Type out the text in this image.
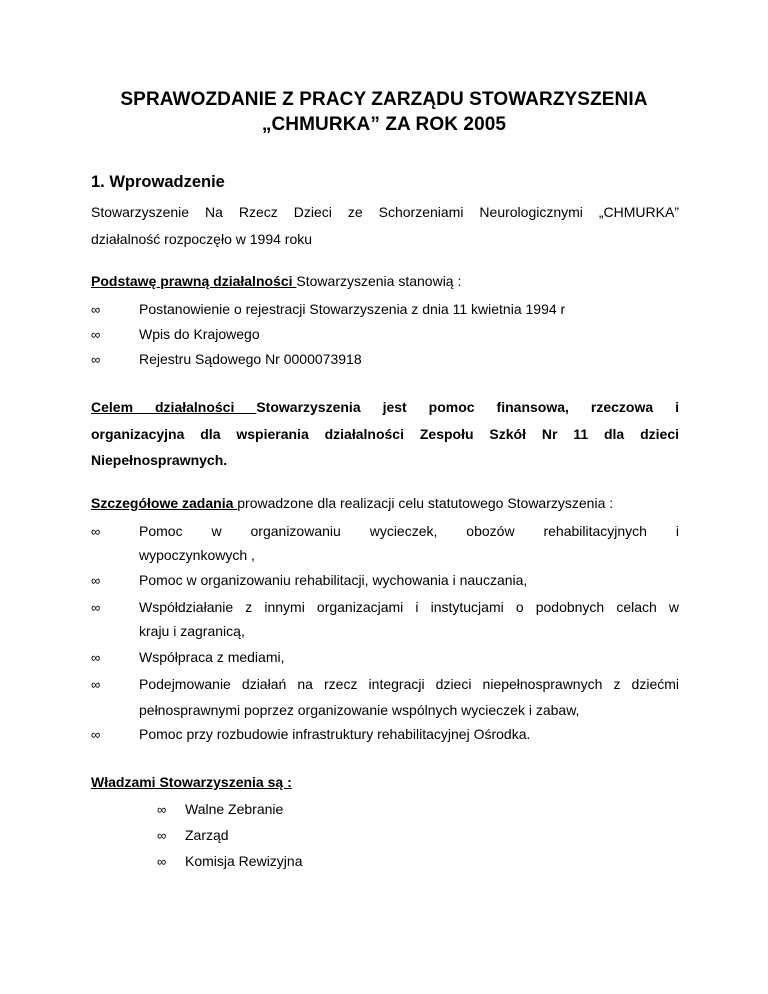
SPRAWOZDANIE Z PRACY ZARZĄDU STOWARZYSZENIA
„CHMURKA” ZA ROK 2005
1. Wprowadzenie
Stowarzyszenie Na Rzecz Dzieci ze Schorzeniami Neurologicznymi „CHMURKA”
działalność rozpoczęło w 1994 roku
Podstawę prawną działalności Stowarzyszenia stanowią :
∞	Postanowienie o rejestracji Stowarzyszenia z dnia 11 kwietnia 1994 r
∞	Wpis do Krajowego
∞	Rejestru Sądowego Nr 0000073918
Celem działalności Stowarzyszenia jest pomoc finansowa, rzeczowa i
organizacyjna dla wspierania działalności Zespołu Szkół Nr 11 dla dzieci
Niepełnosprawnych.
Szczegółowe zadania prowadzone dla realizacji celu statutowego Stowarzyszenia :
∞	Pomoc w organizowaniu wycieczek, obozów rehabilitacyjnych i
wypoczynkowych ,
∞	Pomoc w organizowaniu rehabilitacji, wychowania i nauczania,
∞	Współdziałanie z innymi organizacjami i instytucjami o podobnych celach w
kraju i zagranicą,
∞	Współpraca z mediami,
∞	Podejmowanie działań na rzecz integracji dzieci niepełnosprawnych z dziećmi
pełnosprawnymi poprzez organizowanie wspólnych wycieczek i zabaw,
∞	Pomoc przy rozbudowie infrastruktury rehabilitacyjnej Ośrodka.
Władzami Stowarzyszenia są :
∞	Walne Zebranie
∞	Zarząd
∞	Komisja Rewizyjna
